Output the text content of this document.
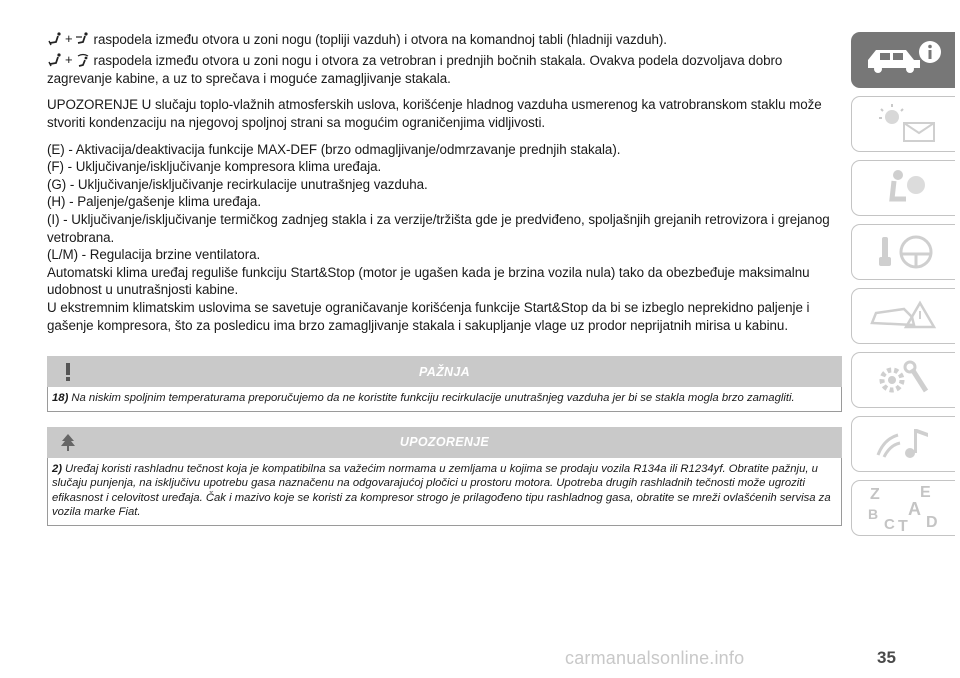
+ raspodela između otvora u zoni nogu (topliji vazduh) i otvora na komandnoj tabli (hladniji vazduh).

+ raspodela između otvora u zoni nogu i otvora za vetrobran i prednjih bočnih stakala. Ovakva podela dozvoljava dobro zagrevanje kabine, a uz to sprečava i moguće zamagljivanje stakala.

UPOZORENJE U slučaju toplo-vlažnih atmosferskih uslova, korišćenje hladnog vazduha usmerenog ka vatrobranskom staklu može stvoriti kondenzaciju na njegovoj spoljnoj strani sa mogućim ograničenjima vidljivosti.

(E) - Aktivacija/deaktivacija funkcije MAX-DEF (brzo odmagljivanje/odmrzavanje prednjih stakala).

(F) - Uključivanje/isključivanje kompresora klima uređaja.

(G) - Uključivanje/isključivanje recirkulacije unutrašnjeg vazduha.

(H) - Paljenje/gašenje klima uređaja.

(I) - Uključivanje/isključivanje termičkog zadnjeg stakla i za verzije/tržišta gde je predviđeno, spoljašnjih grejanih retrovizora i grejanog vetrobrana.

(L/M) - Regulacija brzine ventilatora.

Automatski klima uređaj reguliše funkciju Start&Stop (motor je ugašen kada je brzina vozila nula) tako da obezbeđuje maksimalnu udobnost u unutrašnjosti kabine.

U ekstremnim klimatskim uslovima se savetuje ograničavanje korišćenja funkcije Start&Stop da bi se izbeglo neprekidno paljenje i gašenje kompresora, što za posledicu ima brzo zamagljivanje stakala i sakupljanje vlage uz prodor neprijatnih mirisa u kabinu.

PAŽNJA
18) Na niskim spoljnim temperaturama preporučujemo da ne koristite funkciju recirkulacije unutrašnjeg vazduha jer bi se stakla mogla brzo zamagliti.
UPOZORENJE
2) Uređaj koristi rashladnu tečnost koja je kompatibilna sa važećim normama u zemljama u kojima se prodaju vozila R134a ili R1234yf. Obratite pažnju, u slučaju punjenja, na isključivu upotrebu gasa naznačenu na odgovarajućoj pločici u prostoru motora. Upotreba drugih rashladnih tečnosti može ugroziti efikasnost i celovitost uređaja. Čak i mazivo koje se koristi za kompresor strogo je prilagođeno tipu rashladnog gasa, obratite se mreži ovlašćenih servisa za vozila marke Fiat.
Z	E
B A
C T D
carmanualsonline.info	35
